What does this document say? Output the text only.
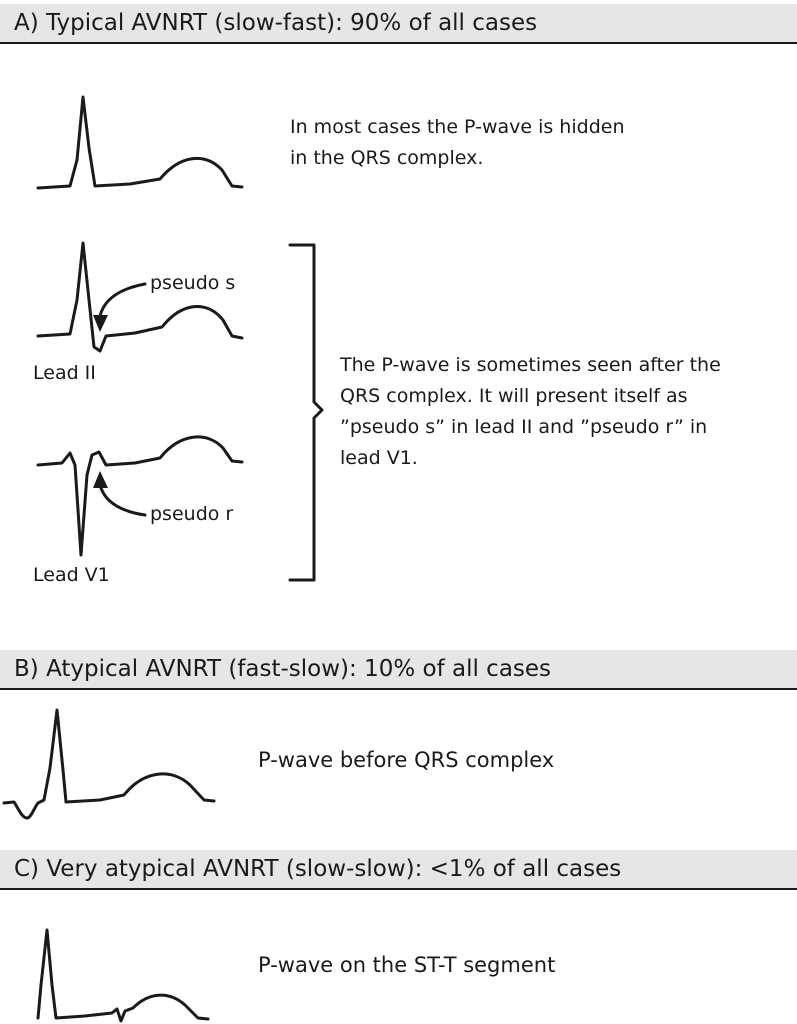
A) Typical AVNRT (slow-fast): 90% of all cases
In most cases the P-wave is hidden
in the QRS complex.
pseudo s
Lead II
pseudo r
Lead V1
The P-wave is sometimes seen after the
QRS complex. It will present itself as
”pseudo s” in lead II and ”pseudo r” in
lead V1.
B) Atypical AVNRT (fast-slow): 10% of all cases
P-wave before QRS complex
C) Very atypical AVNRT (slow-slow): <1% of all cases
P-wave on the ST-T segment
